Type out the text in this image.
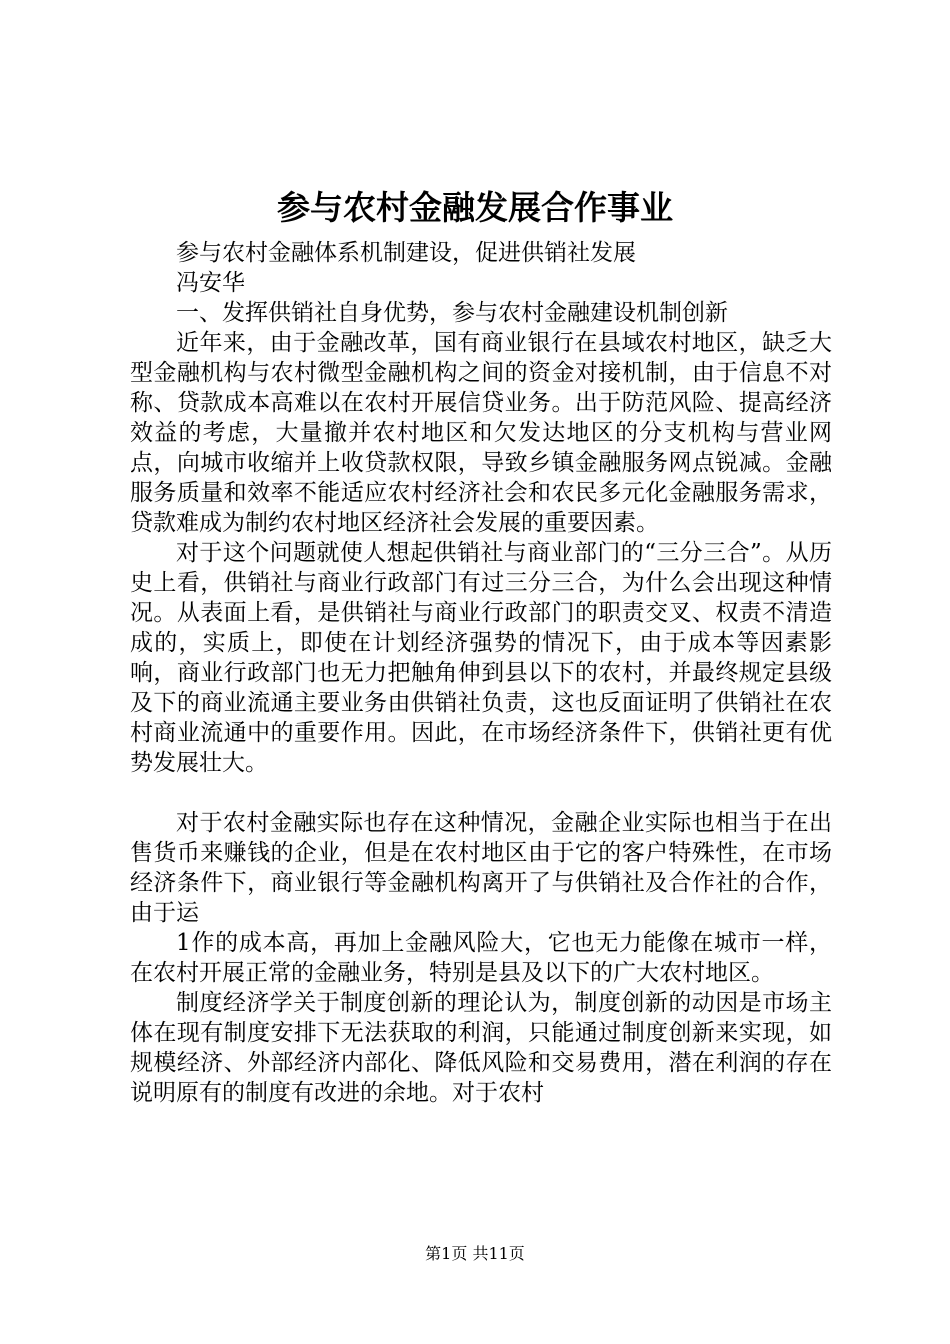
参与农村金融发展合作事业

参与农村金融体系机制建设，促进供销社发展

冯安华

一、发挥供销社自身优势，参与农村金融建设机制创新

近年来，由于金融改革，国有商业银行在县域农村地区，缺乏大型金融机构与农村微型金融机构之间的资金对接机制，由于信息不对称、贷款成本高难以在农村开展信贷业务。出于防范风险、提高经济效益的考虑，大量撤并农村地区和欠发达地区的分支机构与营业网点，向城市收缩并上收贷款权限，导致乡镇金融服务网点锐减。金融服务质量和效率不能适应农村经济社会和农民多元化金融服务需求，贷款难成为制约农村地区经济社会发展的重要因素。

对于这个问题就使人想起供销社与商业部门的“三分三合”。从历史上看，供销社与商业行政部门有过三分三合，为什么会出现这种情况。从表面上看，是供销社与商业行政部门的职责交叉、权责不清造成的，实质上，即使在计划经济强势的情况下，由于成本等因素影响，商业行政部门也无力把触角伸到县以下的农村，并最终规定县级及下的商业流通主要业务由供销社负责，这也反面证明了供销社在农村商业流通中的重要作用。因此，在市场经济条件下，供销社更有优势发展壮大。

对于农村金融实际也存在这种情况，金融企业实际也相当于在出售货币来赚钱的企业，但是在农村地区由于它的客户特殊性，在市场经济条件下，商业银行等金融机构离开了与供销社及合作社的合作，由于运

1作的成本高，再加上金融风险大，它也无力能像在城市一样，在农村开展正常的金融业务，特别是县及以下的广大农村地区。

制度经济学关于制度创新的理论认为，制度创新的动因是市场主体在现有制度安排下无法获取的利润，只能通过制度创新来实现，如规模经济、外部经济内部化、降低风险和交易费用，潜在利润的存在说明原有的制度有改进的余地。对于农村

第1页 共11页
